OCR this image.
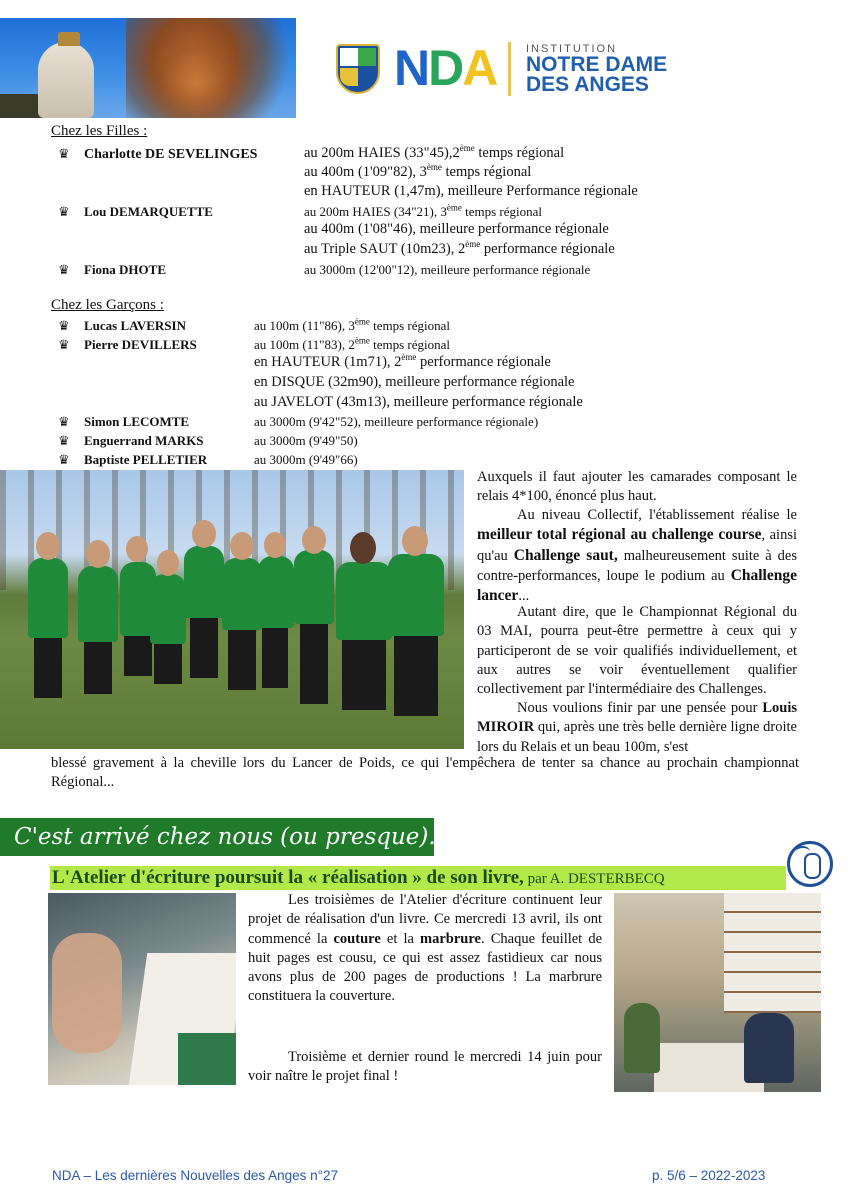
NDA	INSTITUTION
NOTRE DAME
DES ANGES
Chez les Filles :
♛ Charlotte DE SEVELINGES	au 200m HAIES (33"45),2ème temps régional
au 400m (1'09"82), 3ème temps régional
en HAUTEUR (1,47m), meilleure Performance régionale
♛ Lou DEMARQUETTE	au 200m HAIES (34"21), 3ème temps régional
au 400m (1'08"46), meilleure performance régionale
au Triple SAUT (10m23), 2ème performance régionale
♛ Fiona DHOTE	au 3000m (12'00"12), meilleure performance régionale
Chez les Garçons :
♛ Lucas LAVERSIN	au 100m (11"86), 3ème temps régional
♛ Pierre DEVILLERS	au 100m (11"83), 2ème temps régional
en HAUTEUR (1m71), 2ème performance régionale
en DISQUE (32m90), meilleure performance régionale
au JAVELOT (43m13), meilleure performance régionale
♛ Simon LECOMTE	au 3000m (9'42"52), meilleure performance régionale)
♛ Enguerrand MARKS	au 3000m (9'49"50)
♛ Baptiste PELLETIER	au 3000m (9'49"66)
Auxquels il faut ajouter les camarades composant le relais 4*100, énoncé plus haut.
Au niveau Collectif, l'établissement réalise le meilleur total régional au challenge course, ainsi qu'au Challenge saut, malheureusement suite à des contre-performances, loupe le podium au Challenge lancer...
Autant dire, que le Championnat Régional du 03 MAI, pourra peut-être permettre à ceux qui y participeront de se voir qualifiés individuellement, et aux autres se voir éventuellement qualifier collectivement par l'intermédiaire des Challenges.
Nous voulions finir par une pensée pour Louis MIROIR qui, après une très belle dernière ligne droite lors du Relais et un beau 100m, s'est
blessé gravement à la cheville lors du Lancer de Poids, ce qui l'empêchera de tenter sa chance au prochain championnat Régional...
C'est arrivé chez nous (ou presque)...
L'Atelier d'écriture poursuit la « réalisation » de son livre, par A. DESTERBECQ
Les troisièmes de l'Atelier d'écriture continuent leur projet de réalisation d'un livre. Ce mercredi 13 avril, ils ont commencé la couture et la marbrure. Chaque feuillet de huit pages est cousu, ce qui est assez fastidieux car nous avons plus de 200 pages de productions ! La marbrure constituera la couverture.
Troisième et dernier round le mercredi 14 juin pour voir naître le projet final !
NDA – Les dernières Nouvelles des Anges n°27	p. 5/6 – 2022-2023
